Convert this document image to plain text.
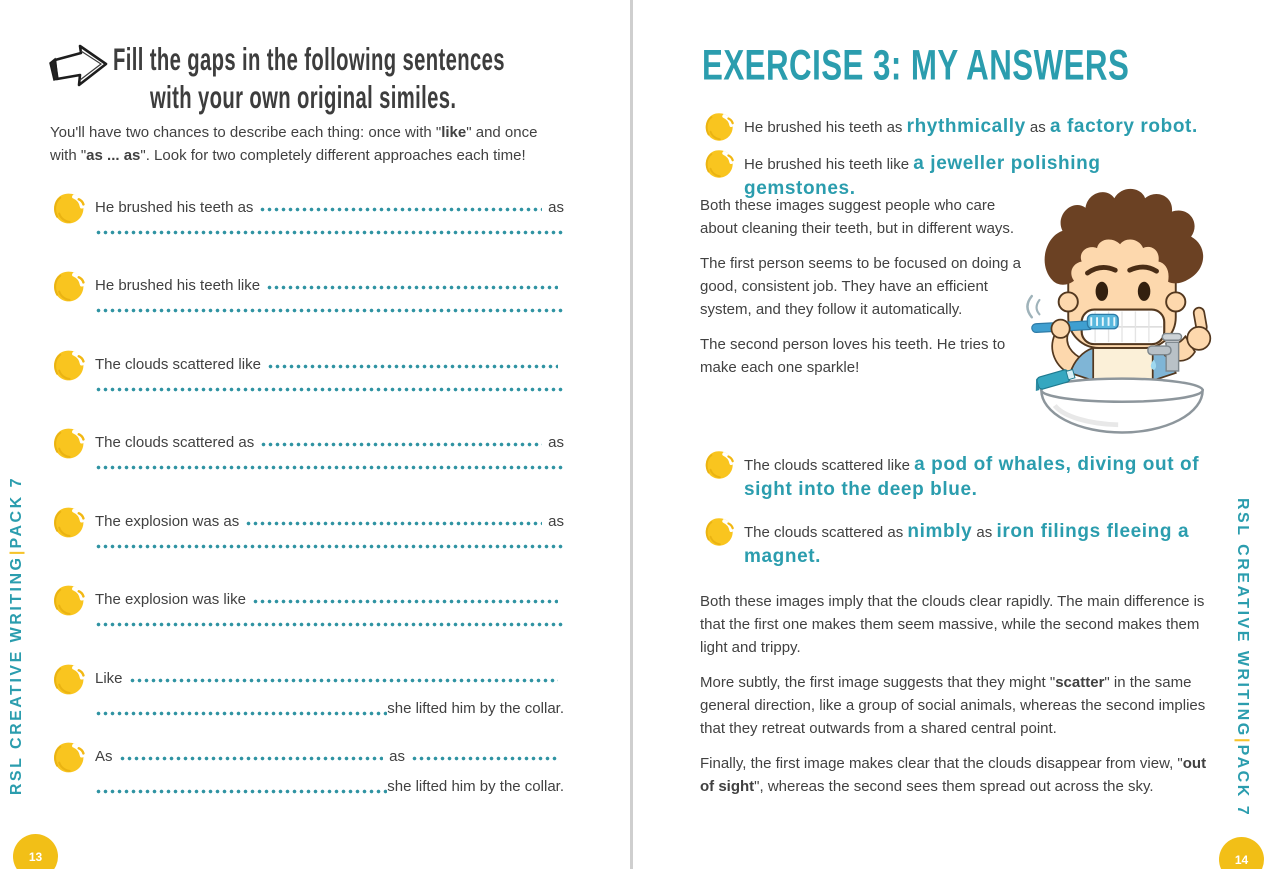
Fill the gaps in the following sentences
with your own original similes.

You'll have two chances to describe each thing: once with "like" and once with "as ... as". Look for two completely different approaches each time!

He brushed his teeth as	as
He brushed his teeth like
The clouds scattered like
The clouds scattered as	as
The explosion was as	as
The explosion was like
Like
she lifted him by the collar.
As	as
she lifted him by the collar.
RSL CREATIVE WRITING|PACK 7
13
EXERCISE 3: MY ANSWERS
He brushed his teeth as rhythmically as a factory robot.
He brushed his teeth like a jeweller polishing gemstones.

Both these images suggest people who care about cleaning their teeth, but in different ways.

The first person seems to be focused on doing a good, consistent job. They have an efficient system, and they follow it automatically.

The second person loves his teeth. He tries to make each one sparkle!

The clouds scattered like a pod of whales, diving out of sight into the deep blue.
The clouds scattered as nimbly as iron filings fleeing a magnet.

Both these images imply that the clouds clear rapidly. The main difference is that the first one makes them seem massive, while the second makes them light and trippy.

More subtly, the first image suggests that they might "scatter" in the same general direction, like a group of social animals, whereas the second implies that they retreat outwards from a shared central point.

Finally, the first image makes clear that the clouds disappear from view, "out of sight", whereas the second sees them spread out across the sky.

RSL CREATIVE WRITING|PACK 7
14
